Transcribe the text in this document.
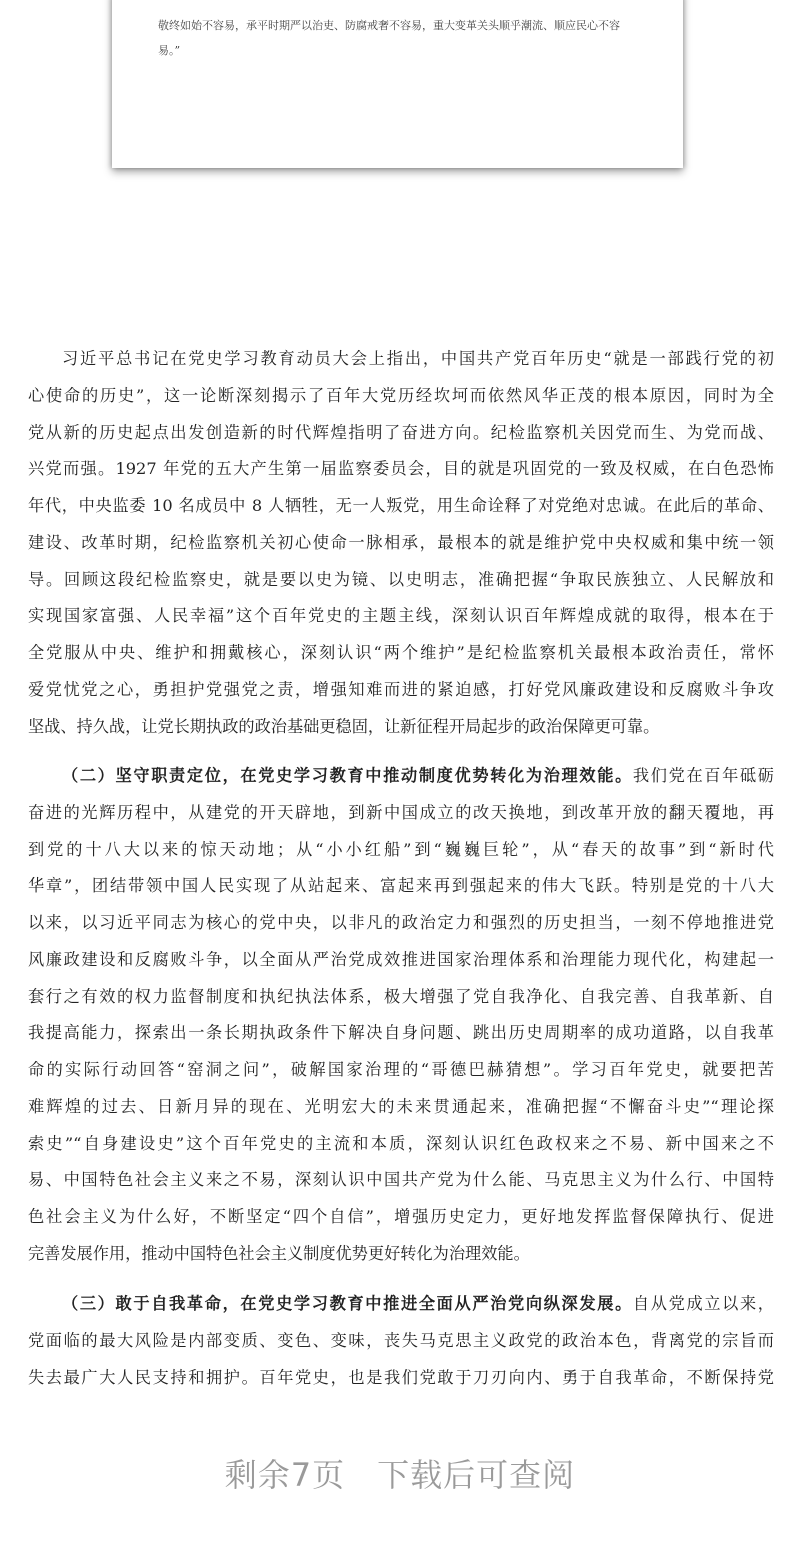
敬终如始不容易，承平时期严以治吏、防腐戒奢不容易，重大变革关头顺乎潮流、顺应民心不容
易。”
习近平总书记在党史学习教育动员大会上指出，中国共产党百年历史“就是一部践行党的初
心使命的历史”，这一论断深刻揭示了百年大党历经坎坷而依然风华正茂的根本原因，同时为全
党从新的历史起点出发创造新的时代辉煌指明了奋进方向。纪检监察机关因党而生、为党而战、
兴党而强。1927 年党的五大产生第一届监察委员会，目的就是巩固党的一致及权威，在白色恐怖
年代，中央监委 10 名成员中 8 人牺牲，无一人叛党，用生命诠释了对党绝对忠诚。在此后的革命、
建设、改革时期，纪检监察机关初心使命一脉相承，最根本的就是维护党中央权威和集中统一领
导。回顾这段纪检监察史，就是要以史为镜、以史明志，准确把握“争取民族独立、人民解放和
实现国家富强、人民幸福”这个百年党史的主题主线，深刻认识百年辉煌成就的取得，根本在于
全党服从中央、维护和拥戴核心，深刻认识“两个维护”是纪检监察机关最根本政治责任，常怀
爱党忧党之心，勇担护党强党之责，增强知难而进的紧迫感，打好党风廉政建设和反腐败斗争攻
坚战、持久战，让党长期执政的政治基础更稳固，让新征程开局起步的政治保障更可靠。
（二）坚守职责定位，在党史学习教育中推动制度优势转化为治理效能。我们党在百年砥砺
奋进的光辉历程中，从建党的开天辟地，到新中国成立的改天换地，到改革开放的翻天覆地，再
到党的十八大以来的惊天动地；从“小小红船”到“巍巍巨轮”，从“春天的故事”到“新时代
华章”，团结带领中国人民实现了从站起来、富起来再到强起来的伟大飞跃。特别是党的十八大
以来，以习近平同志为核心的党中央，以非凡的政治定力和强烈的历史担当，一刻不停地推进党
风廉政建设和反腐败斗争，以全面从严治党成效推进国家治理体系和治理能力现代化，构建起一
套行之有效的权力监督制度和执纪执法体系，极大增强了党自我净化、自我完善、自我革新、自
我提高能力，探索出一条长期执政条件下解决自身问题、跳出历史周期率的成功道路，以自我革
命的实际行动回答“窑洞之问”，破解国家治理的“哥德巴赫猜想”。学习百年党史，就要把苦
难辉煌的过去、日新月异的现在、光明宏大的未来贯通起来，准确把握“不懈奋斗史”“理论探
索史”“自身建设史”这个百年党史的主流和本质，深刻认识红色政权来之不易、新中国来之不
易、中国特色社会主义来之不易，深刻认识中国共产党为什么能、马克思主义为什么行、中国特
色社会主义为什么好，不断坚定“四个自信”，增强历史定力，更好地发挥监督保障执行、促进
完善发展作用，推动中国特色社会主义制度优势更好转化为治理效能。
（三）敢于自我革命，在党史学习教育中推进全面从严治党向纵深发展。自从党成立以来，
党面临的最大风险是内部变质、变色、变味，丧失马克思主义政党的政治本色，背离党的宗旨而
失去最广大人民支持和拥护。百年党史，也是我们党敢于刀刃向内、勇于自我革命，不断保持党
剩余7页 下载后可查阅
